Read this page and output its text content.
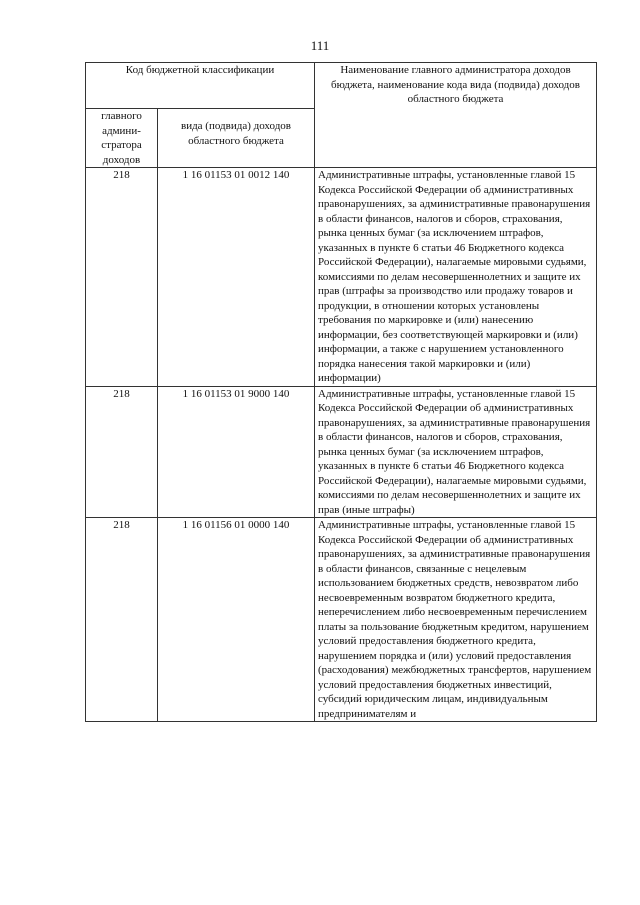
111
Код бюджетной классификации		Наименование главного администратора доходов бюджета, наименование кода вида (подвида) доходов областного бюджета
главного админи-стратора доходов	вида (подвида) доходов областного бюджета	
218	1 16 01153 01 0012 140	Административные штрафы, установленные главой 15 Кодекса Российской Федерации об административных правонарушениях, за административные правонарушения в области финансов, налогов и сборов, страхования, рынка ценных бумаг (за исключением штрафов, указанных в пункте 6 статьи 46 Бюджетного кодекса Российской Федерации), налагаемые мировыми судьями, комиссиями по делам несовершеннолетних и защите их прав (штрафы за производство или продажу товаров и продукции, в отношении которых установлены требования по маркировке и (или) нанесению информации, без соответствующей маркировки и (или) информации, а также с нарушением установленного порядка нанесения такой маркировки и (или) информации)
218	1 16 01153 01 9000 140	Административные штрафы, установленные главой 15 Кодекса Российской Федерации об административных правонарушениях, за административные правонарушения в области финансов, налогов и сборов, страхования, рынка ценных бумаг (за исключением штрафов, указанных в пункте 6 статьи 46 Бюджетного кодекса Российской Федерации), налагаемые мировыми судьями, комиссиями по делам несовершеннолетних и защите их прав (иные штрафы)
218	1 16 01156 01 0000 140	Административные штрафы, установленные главой 15 Кодекса Российской Федерации об административных правонарушениях, за административные правонарушения в области финансов, связанные с нецелевым использованием бюджетных средств, невозвратом либо несвоевременным возвратом бюджетного кредита, неперечислением либо несвоевременным перечислением платы за пользование бюджетным кредитом, нарушением условий предоставления бюджетного кредита, нарушением порядка и (или) условий предоставления (расходования) межбюджетных трансфертов, нарушением условий предоставления бюджетных инвестиций, субсидий юридическим лицам, индивидуальным предпринимателям и
